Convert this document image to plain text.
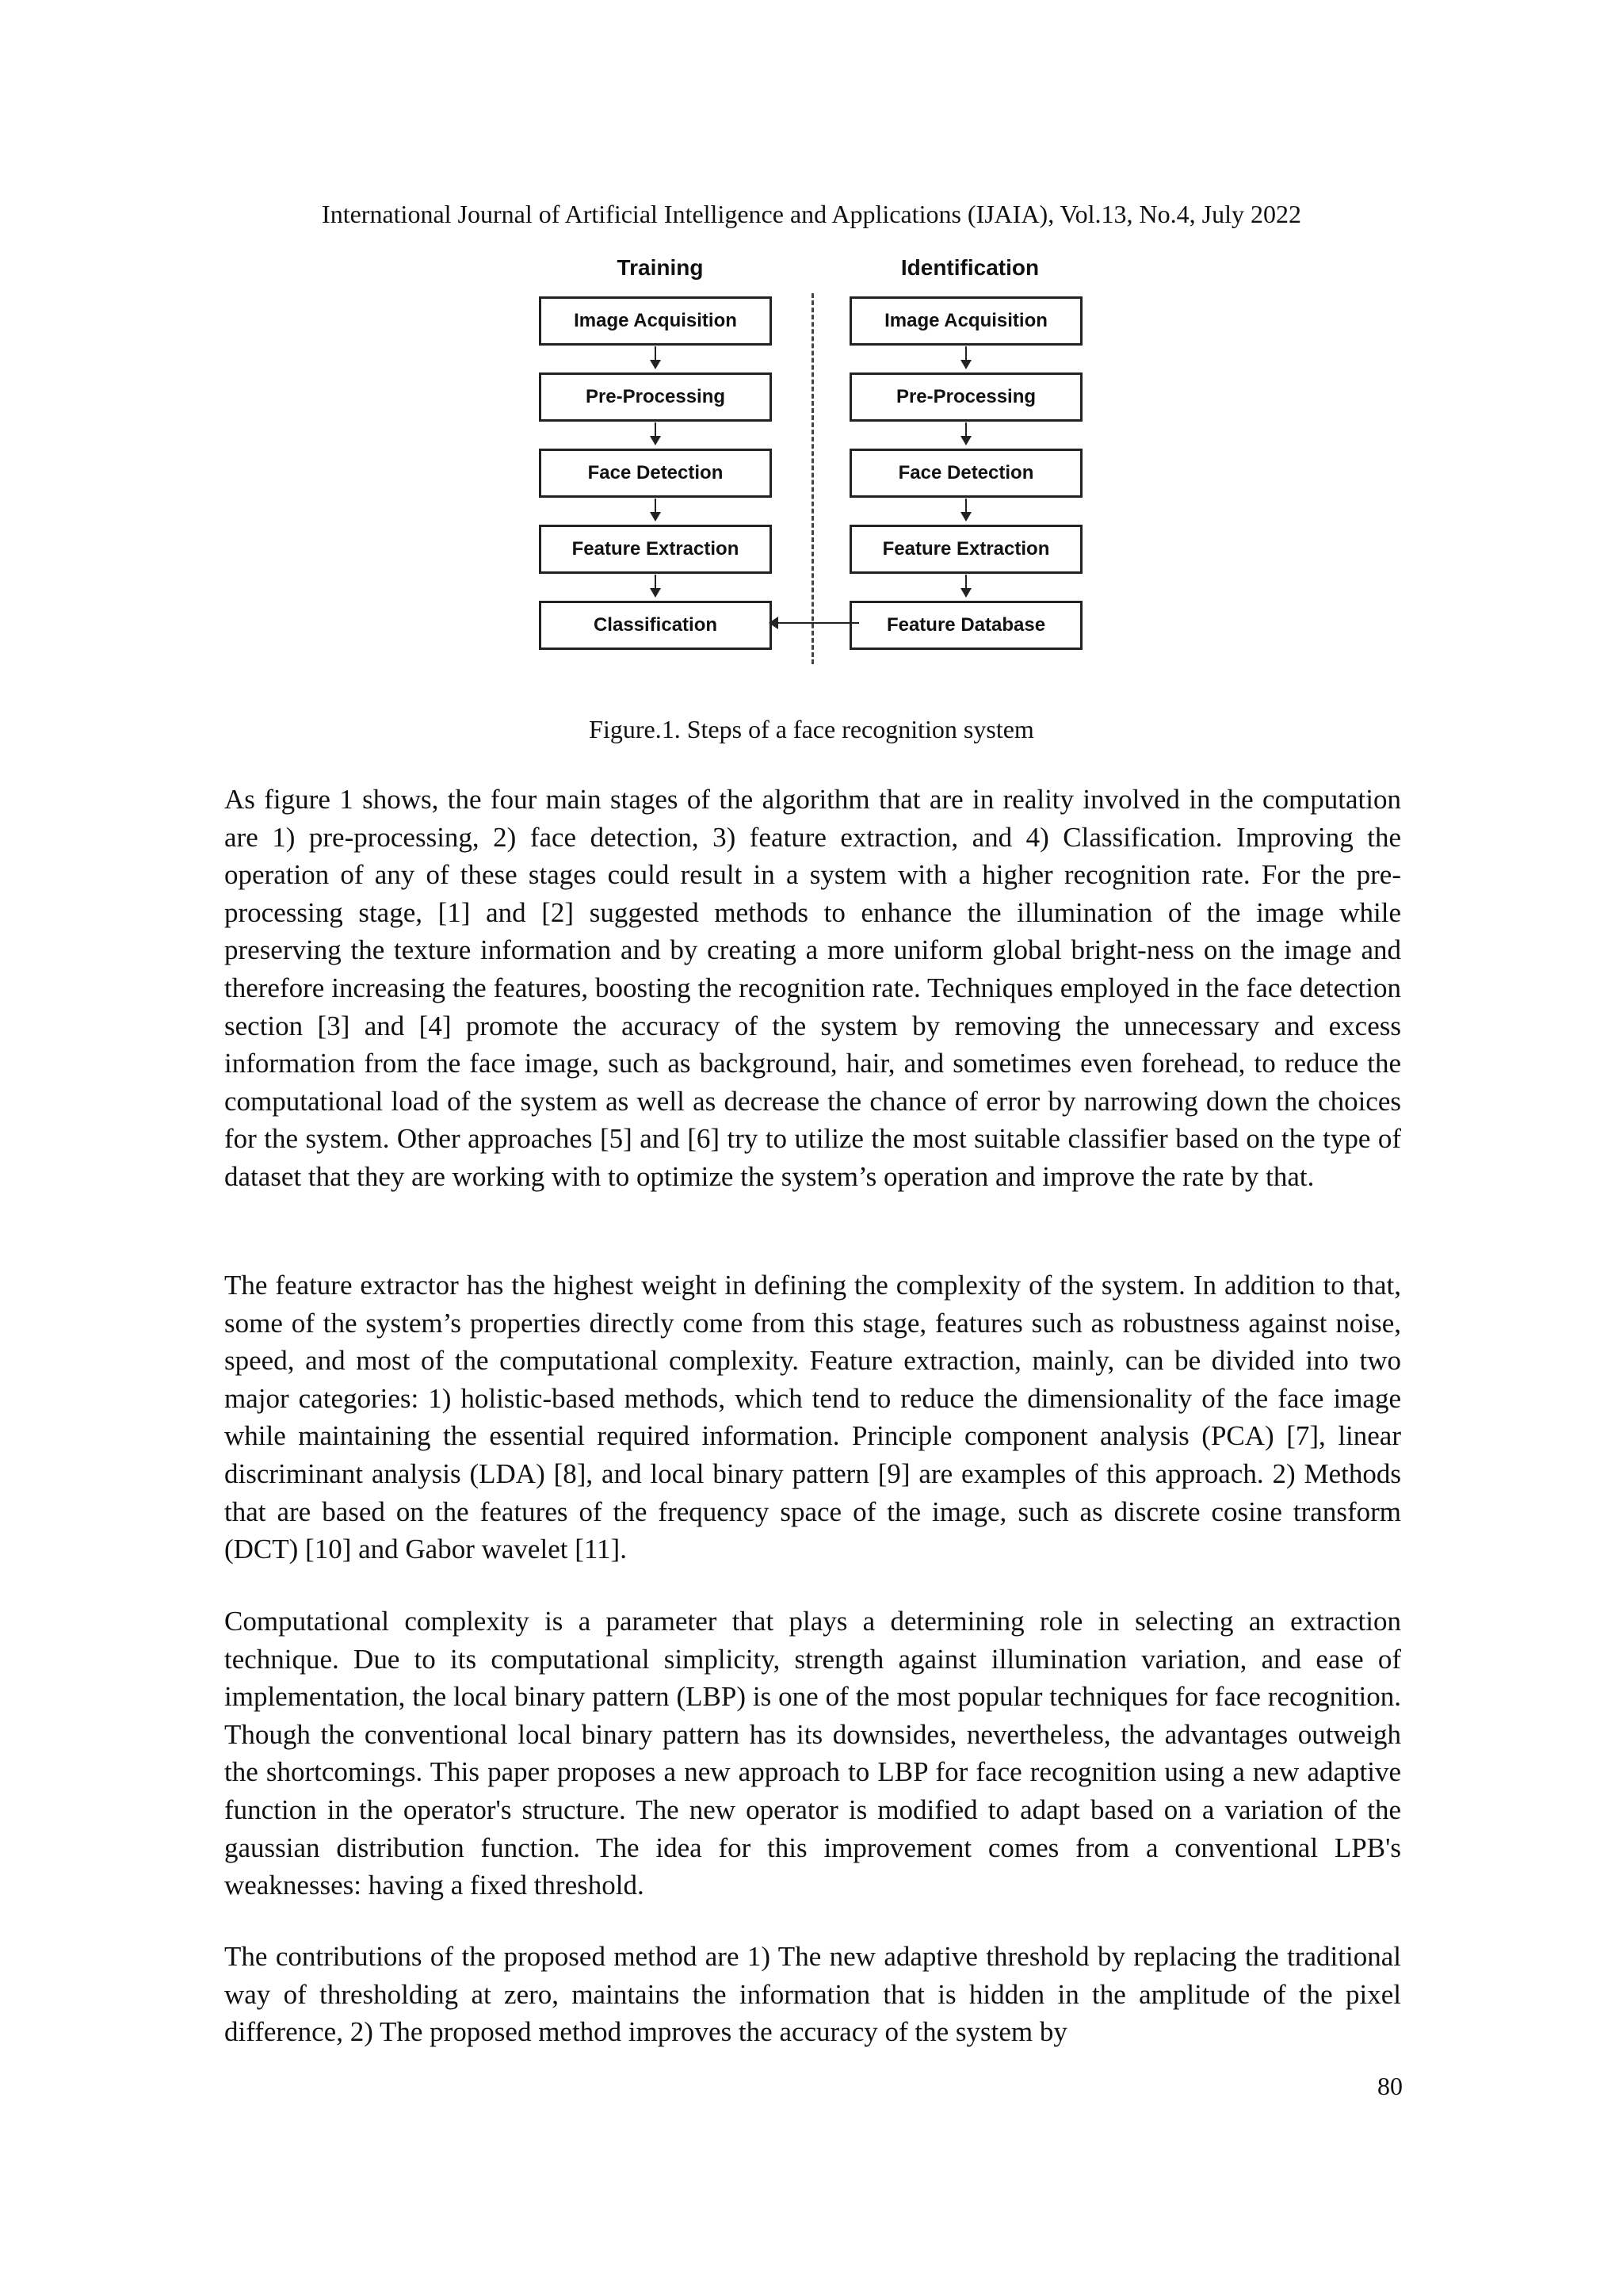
International Journal of Artificial Intelligence and Applications (IJAIA), Vol.13, No.4, July 2022
Training	Identification
Image Acquisition
Pre-Processing
Face Detection
Feature Extraction
Classification
Image Acquisition
Pre-Processing
Face Detection
Feature Extraction
Feature Database
Figure.1. Steps of a face recognition system

As figure 1 shows, the four main stages of the algorithm that are in reality involved in the computation are 1) pre-processing, 2) face detection, 3) feature extraction, and 4) Classification. Improving the operation of any of these stages could result in a system with a higher recognition rate. For the pre-processing stage, [1] and [2] suggested methods to enhance the illumination of the image while preserving the texture information and by creating a more uniform global bright-ness on the image and therefore increasing the features, boosting the recognition rate. Techniques employed in the face detection section [3] and [4] promote the accuracy of the system by removing the unnecessary and excess information from the face image, such as background, hair, and sometimes even forehead, to reduce the computational load of the system as well as decrease the chance of error by narrowing down the choices for the system. Other approaches [5] and [6] try to utilize the most suitable classifier based on the type of dataset that they are working with to optimize the system’s operation and improve the rate by that.

The feature extractor has the highest weight in defining the complexity of the system. In addition to that, some of the system’s properties directly come from this stage, features such as robustness against noise, speed, and most of the computational complexity. Feature extraction, mainly, can be divided into two major categories: 1) holistic-based methods, which tend to reduce the dimensionality of the face image while maintaining the essential required information. Principle component analysis (PCA) [7], linear discriminant analysis (LDA) [8], and local binary pattern [9] are examples of this approach. 2) Methods that are based on the features of the frequency space of the image, such as discrete cosine transform (DCT) [10] and Gabor wavelet [11].

Computational complexity is a parameter that plays a determining role in selecting an extraction technique. Due to its computational simplicity, strength against illumination variation, and ease of implementation, the local binary pattern (LBP) is one of the most popular techniques for face recognition. Though the conventional local binary pattern has its downsides, nevertheless, the advantages outweigh the shortcomings. This paper proposes a new approach to LBP for face recognition using a new adaptive function in the operator's structure. The new operator is modified to adapt based on a variation of the gaussian distribution function. The idea for this improvement comes from a conventional LPB's weaknesses: having a fixed threshold.

The contributions of the proposed method are 1) The new adaptive threshold by replacing the traditional way of thresholding at zero, maintains the information that is hidden in the amplitude of the pixel difference, 2) The proposed method improves the accuracy of the system by

80
